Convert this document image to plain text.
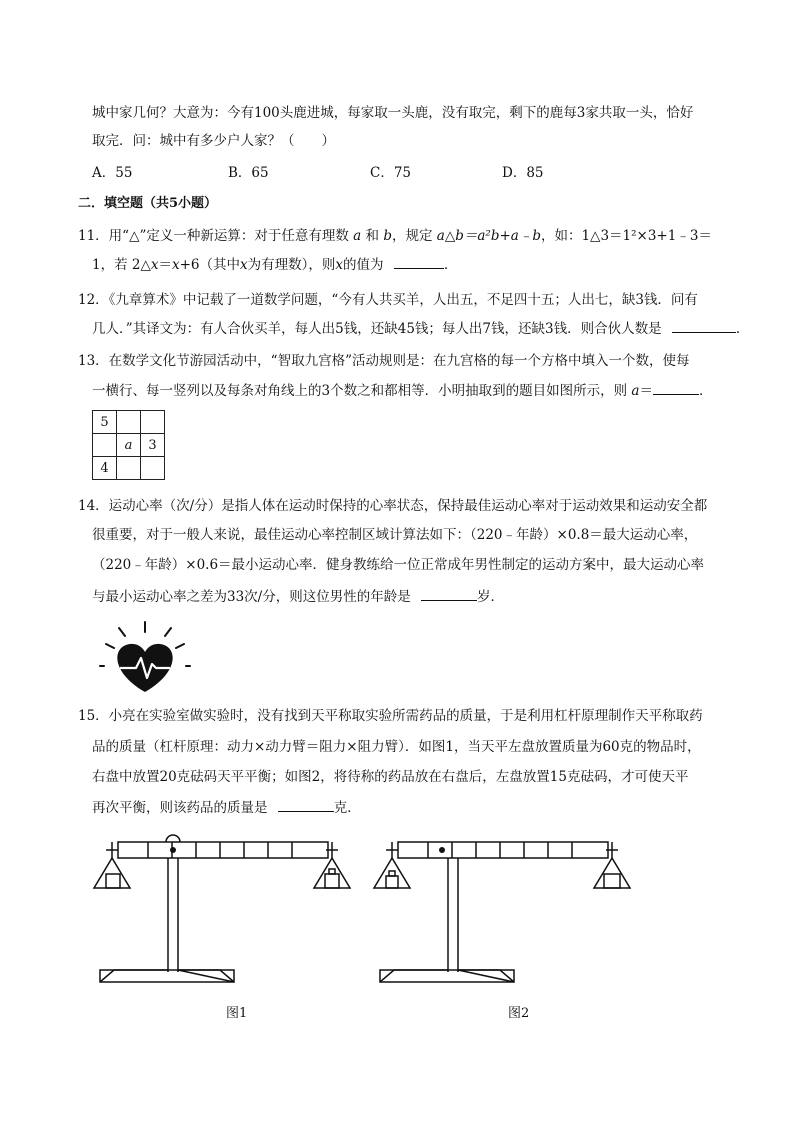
城中家几何？大意为：今有100头鹿进城，每家取一头鹿，没有取完，剩下的鹿每3家共取一头，恰好
取完．问：城中有多少户人家？（　　）
A．55	B．65	C．75	D．85
二．填空题（共5小题）
11．用“△”定义一种新运算：对于任意有理数 a 和 b，规定 a△b＝a²b+a﹣b，如：1△3＝1²×3+1﹣3＝
1，若 2△x＝x+6（其中x为有理数），则x的值为	．
12．《九章算术》中记载了一道数学问题，“今有人共买羊，人出五，不足四十五；人出七，缺3钱．问有
几人．”其译文为：有人合伙买羊，每人出5钱，还缺45钱；每人出7钱，还缺3钱．则合伙人数是	．
13．在数学文化节游园活动中，“智取九宫格”活动规则是：在九宫格的每一个方格中填入一个数，使每
一横行、每一竖列以及每条对角线上的3个数之和都相等．小明抽取到的题目如图所示，则 a＝	．
5		
	a	3
4		
14．运动心率（次/分）是指人体在运动时保持的心率状态，保持最佳运动心率对于运动效果和运动安全都
很重要，对于一般人来说，最佳运动心率控制区域计算法如下：（220﹣年龄）×0.8＝最大运动心率，
（220﹣年龄）×0.6＝最小运动心率．健身教练给一位正常成年男性制定的运动方案中，最大运动心率
与最小运动心率之差为33次/分，则这位男性的年龄是	岁．
15．小亮在实验室做实验时，没有找到天平称取实验所需药品的质量，于是利用杠杆原理制作天平称取药
品的质量（杠杆原理：动力×动力臂＝阻力×阻力臂）．如图1，当天平左盘放置质量为60克的物品时，
右盘中放置20克砝码天平平衡；如图2，将待称的药品放在右盘后，左盘放置15克砝码，才可使天平
再次平衡，则该药品的质量是	克．
图1	图2
